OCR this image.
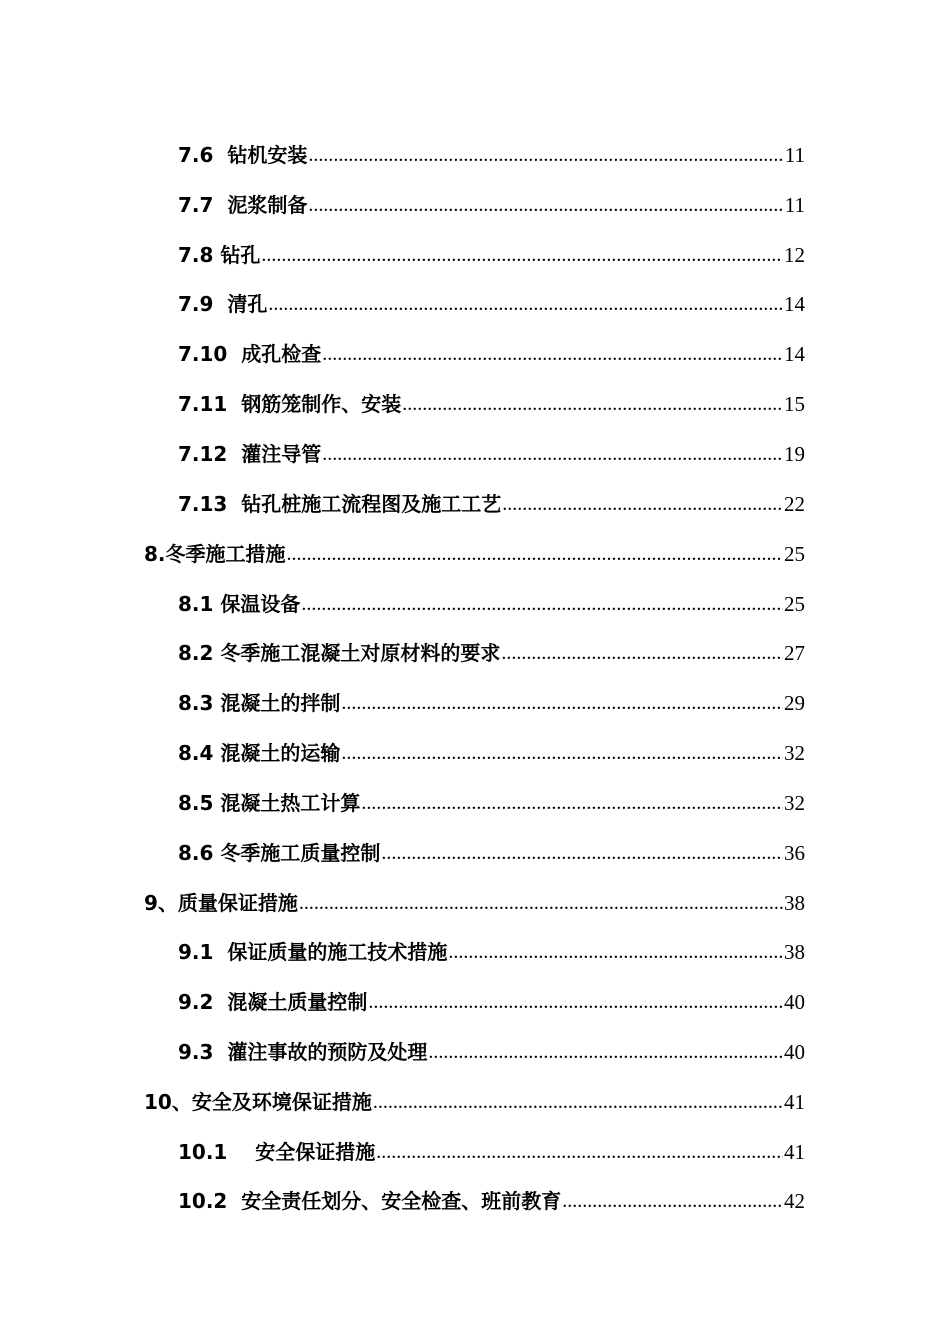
7.6 钻机安装 .....	11
7.7 泥浆制备 .....	11
7.8 钻孔 .....	12
7.9 清孔 .....	14
7.10 成孔检查 .....	14
7.11 钢筋笼制作、安装 .....	15
7.12 灌注导管 .....	19
7.13 钻孔桩施工流程图及施工工艺 .....	22
8. 冬季施工措施 .....	25
8.1 保温设备 .....	25
8.2 冬季施工混凝土对原材料的要求 .....	27
8.3 混凝土的拌制 .....	29
8.4 混凝土的运输 .....	32
8.5 混凝土热工计算 .....	32
8.6 冬季施工质量控制 .....	36
9、 质量保证措施 .....	38
9.1 保证质量的施工技术措施 .....	38
9.2 混凝土质量控制 .....	40
9.3 灌注事故的预防及处理 .....	40
10、 安全及环境保证措施 .....	41
10.1 安全保证措施 .....	41
10.2 安全责任划分、安全检查、班前教育 .....	42
